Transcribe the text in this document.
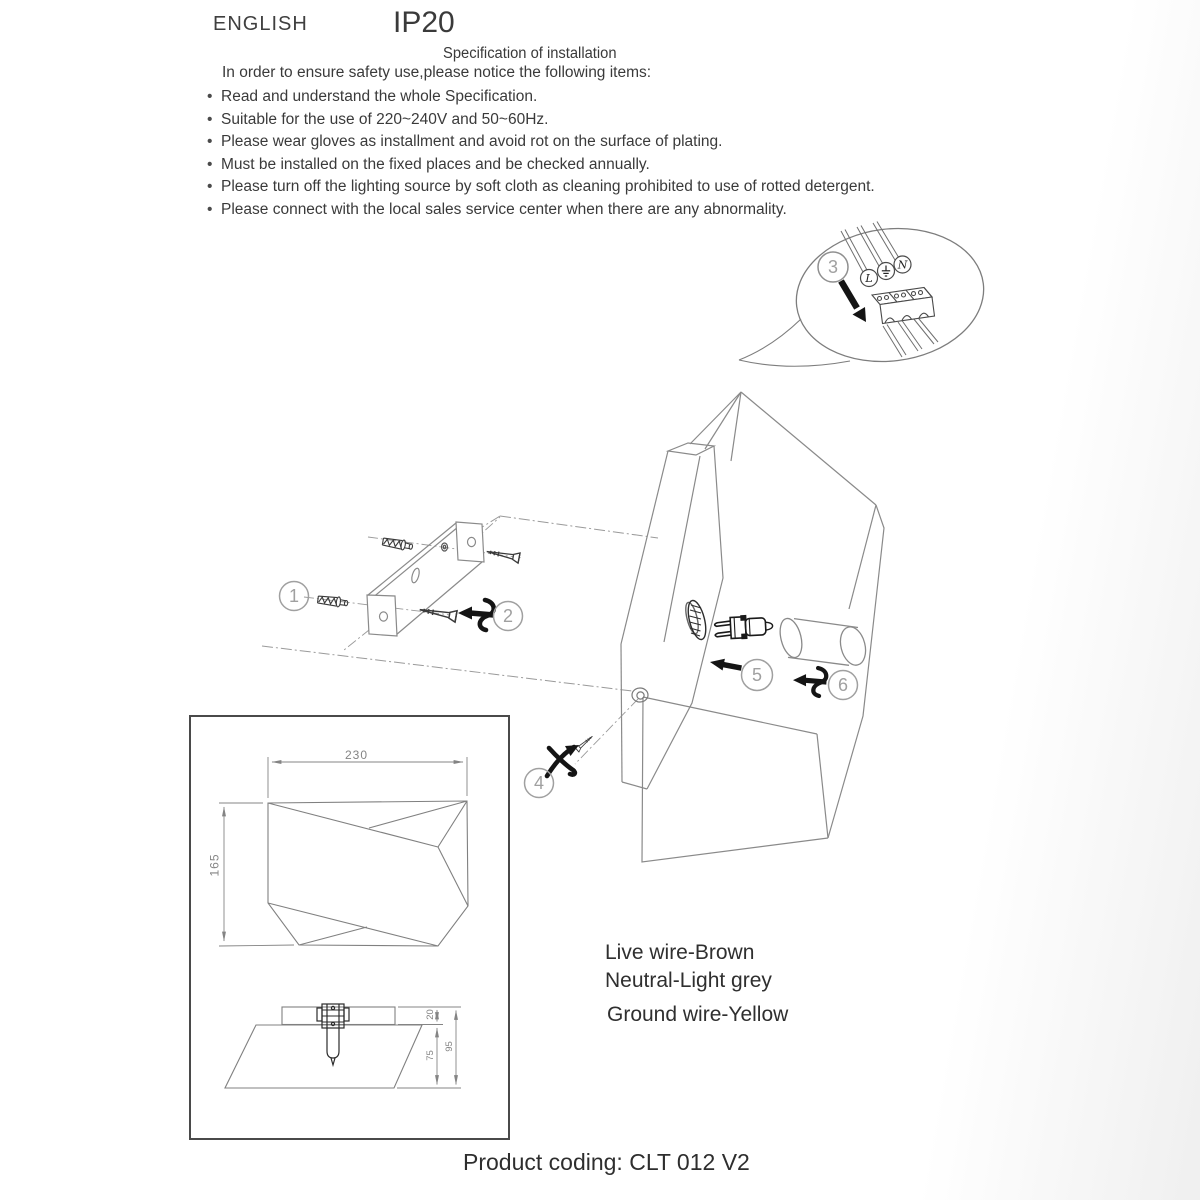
ENGLISH	IP20
Specification of installation
In order to ensure safety use,please notice the following items:
• Read and understand the whole Specification.
• Suitable for the use of 220~240V and 50~60Hz.
• Please wear gloves as installment and avoid rot on the surface of plating.
• Must be installed on the fixed places and be checked annually.
• Please turn off the lighting source by soft cloth as cleaning prohibited to use of rotted detergent.
• Please connect with the local sales service center when there are any abnormality.
L
N
1
2
3
4
5	6
230
165
20
75
95
Live wire-Brown
Neutral-Light grey
Ground wire-Yellow
Product coding: CLT 012 V2
